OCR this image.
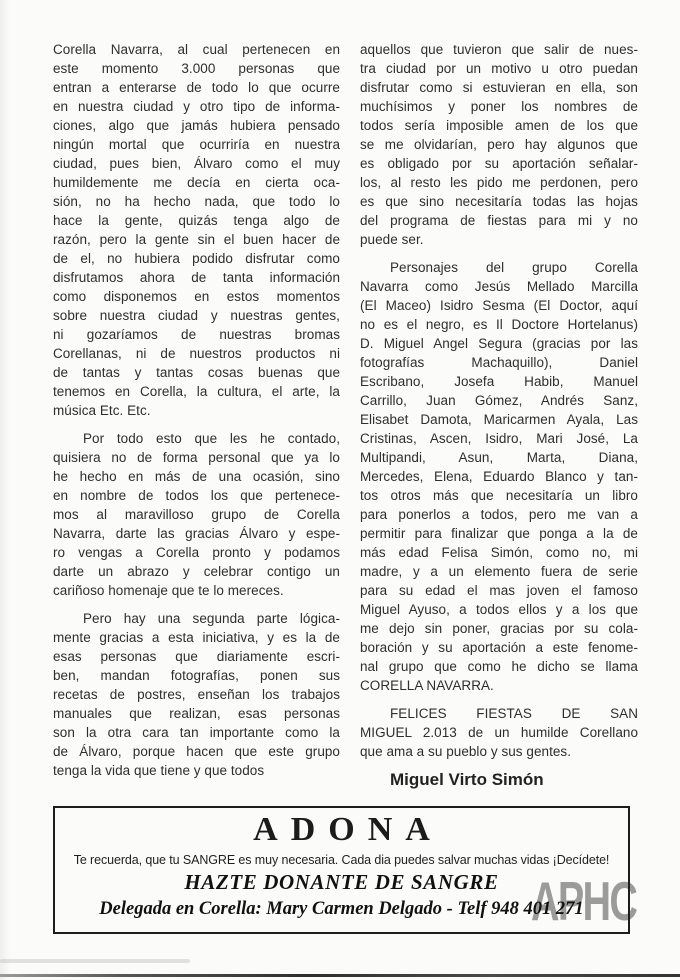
Corella Navarra, al cual pertenecen en
este momento 3.000 personas que
entran a enterarse de todo lo que ocurre
en nuestra ciudad y otro tipo de informa-
ciones, algo que jamás hubiera pensado
ningún mortal que ocurriría en nuestra
ciudad, pues bien, Álvaro como el muy
humildemente me decía en cierta oca-
sión, no ha hecho nada, que todo lo
hace la gente, quizás tenga algo de
razón, pero la gente sin el buen hacer de
de el, no hubiera podido disfrutar como
disfrutamos ahora de tanta información
como disponemos en estos momentos
sobre nuestra ciudad y nuestras gentes,
ni gozaríamos de nuestras bromas
Corellanas, ni de nuestros productos ni
de tantas y tantas cosas buenas que
tenemos en Corella, la cultura, el arte, la
música Etc. Etc.
Por todo esto que les he contado,
quisiera no de forma personal que ya lo
he hecho en más de una ocasión, sino
en nombre de todos los que pertenece-
mos al maravilloso grupo de Corella
Navarra, darte las gracias Álvaro y espe-
ro vengas a Corella pronto y podamos
darte un abrazo y celebrar contigo un
cariñoso homenaje que te lo mereces.
Pero hay una segunda parte lógica-
mente gracias a esta iniciativa, y es la de
esas personas que diariamente escri-
ben, mandan fotografías, ponen sus
recetas de postres, enseñan los trabajos
manuales que realizan, esas personas
son la otra cara tan importante como la
de Álvaro, porque hacen que este grupo
tenga la vida que tiene y que todos
aquellos que tuvieron que salir de nues-
tra ciudad por un motivo u otro puedan
disfrutar como si estuvieran en ella, son
muchísimos y poner los nombres de
todos sería imposible amen de los que
se me olvidarían, pero hay algunos que
es obligado por su aportación señalar-
los, al resto les pido me perdonen, pero
es que sino necesitaría todas las hojas
del programa de fiestas para mi y no
puede ser.
Personajes del grupo Corella
Navarra como Jesús Mellado Marcilla
(El Maceo) Isidro Sesma (El Doctor, aquí
no es el negro, es Il Doctore Hortelanus)
D. Miguel Angel Segura (gracias por las
fotografías Machaquillo), Daniel
Escribano, Josefa Habib, Manuel
Carrillo, Juan Gómez, Andrés Sanz,
Elisabet Damota, Maricarmen Ayala, Las
Cristinas, Ascen, Isidro, Mari José, La
Multipandi, Asun, Marta, Diana,
Mercedes, Elena, Eduardo Blanco y tan-
tos otros más que necesitaría un libro
para ponerlos a todos, pero me van a
permitir para finalizar que ponga a la de
más edad Felisa Simón, como no, mi
madre, y a un elemento fuera de serie
para su edad el mas joven el famoso
Miguel Ayuso, a todos ellos y a los que
me dejo sin poner, gracias por su cola-
boración y su aportación a este fenome-
nal grupo que como he dicho se llama
CORELLA NAVARRA.
FELICES FIESTAS DE SAN
MIGUEL 2.013 de un humilde Corellano
que ama a su pueblo y sus gentes.
Miguel Virto Simón
APHC
ADONA
Te recuerda, que tu SANGRE es muy necesaria. Cada dia puedes salvar muchas vidas ¡Decídete!
HAZTE DONANTE DE SANGRE
Delegada en Corella: Mary Carmen Delgado - Telf 948 401 271
